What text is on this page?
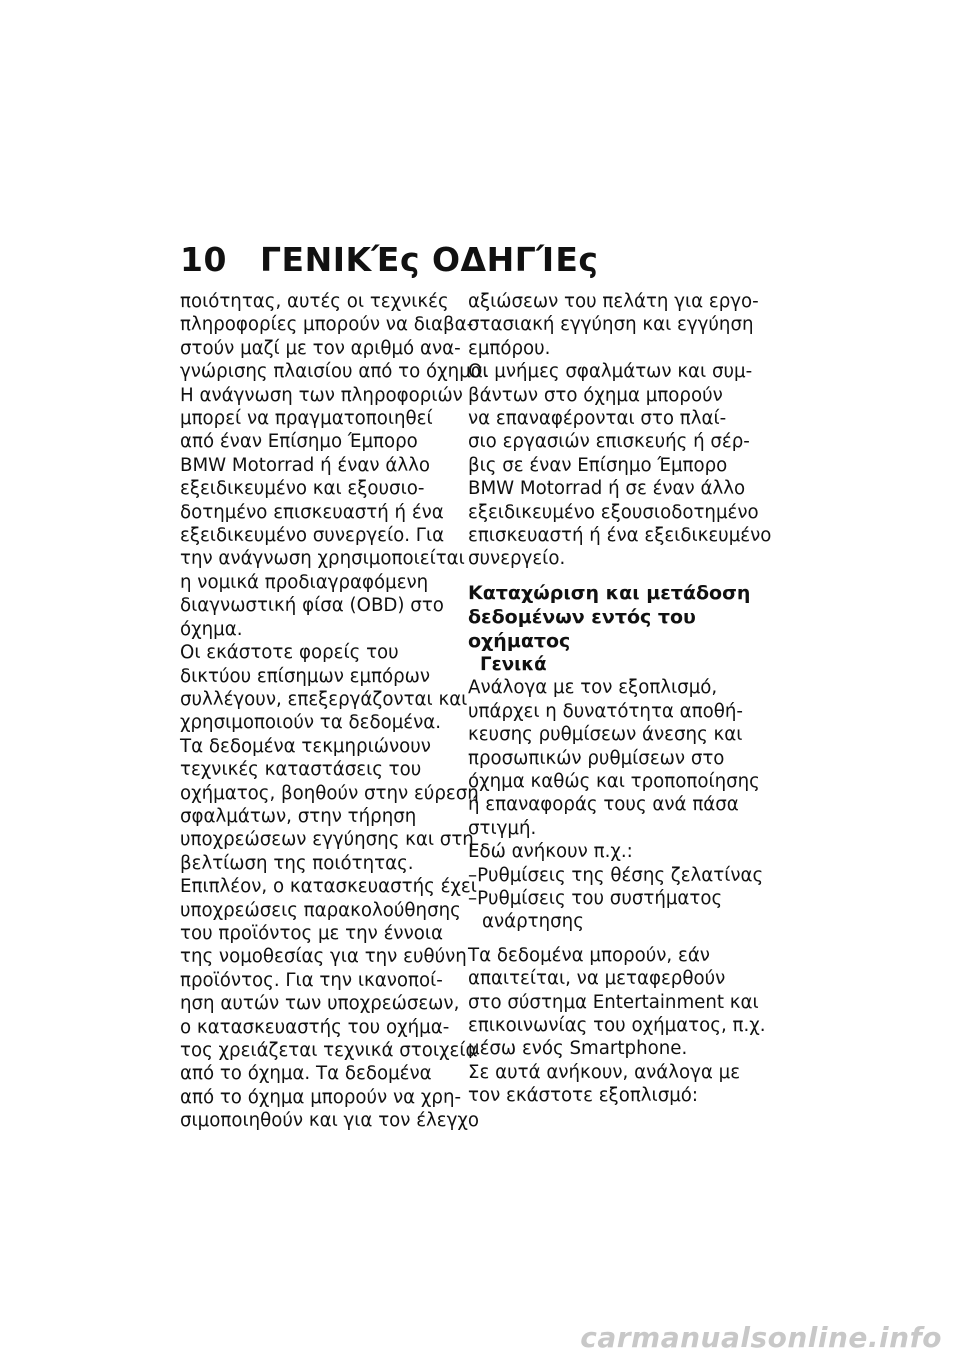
10 ΓΕΝΙΚΈς ΟΔΗΓΊΕς
ποιότητας, αυτές οι τεχνικές
πληροφορίες μπορούν να διαβα-
στούν μαζί με τον αριθμό ανα-
γνώρισης πλαισίου από το όχημα.
Η ανάγνωση των πληροφοριών
μπορεί να πραγματοποιηθεί
από έναν Επίσημο Έμπορο
BMW Motorrad ή έναν άλλο
εξειδικευμένο και εξουσιο-
δοτημένο επισκευαστή ή ένα
εξειδικευμένο συνεργείο. Για
την ανάγνωση χρησιμοποιείται
η νομικά προδιαγραφόμενη
διαγνωστική φίσα (OBD) στο
όχημα.
Οι εκάστοτε φορείς του
δικτύου επίσημων εμπόρων
συλλέγουν, επεξεργάζονται και
χρησιμοποιούν τα δεδομένα.
Τα δεδομένα τεκμηριώνουν
τεχνικές καταστάσεις του
οχήματος, βοηθούν στην εύρεση
σφαλμάτων, στην τήρηση
υποχρεώσεων εγγύησης και στη
βελτίωση της ποιότητας.
Επιπλέον, ο κατασκευαστής έχει
υποχρεώσεις παρακολούθησης
του προϊόντος με την έννοια
της νομοθεσίας για την ευθύνη
προϊόντος. Για την ικανοποί-
ηση αυτών των υποχρεώσεων,
ο κατασκευαστής του οχήμα-
τος χρειάζεται τεχνικά στοιχεία
από το όχημα. Τα δεδομένα
από το όχημα μπορούν να χρη-
σιμοποιηθούν και για τον έλεγχο
αξιώσεων του πελάτη για εργο-
στασιακή εγγύηση και εγγύηση
εμπόρου.
Οι μνήμες σφαλμάτων και συμ-
βάντων στο όχημα μπορούν
να επαναφέρονται στο πλαί-
σιο εργασιών επισκευής ή σέρ-
βις σε έναν Επίσημο Έμπορο
BMW Motorrad ή σε έναν άλλο
εξειδικευμένο εξουσιοδοτημένο
επισκευαστή ή ένα εξειδικευμένο
συνεργείο.
Καταχώριση και μετάδοση
δεδομένων εντός του
οχήματος
Γενικά
Ανάλογα με τον εξοπλισμό,
υπάρχει η δυνατότητα αποθή-
κευσης ρυθμίσεων άνεσης και
προσωπικών ρυθμίσεων στο
όχημα καθώς και τροποποίησης
ή επαναφοράς τους ανά πάσα
στιγμή.
Εδώ ανήκουν π.χ.:
–Ρυθμίσεις της θέσης ζελατίνας
–Ρυθμίσεις του συστήματος
ανάρτησης
Τα δεδομένα μπορούν, εάν
απαιτείται, να μεταφερθούν
στο σύστημα Entertainment και
επικοινωνίας του οχήματος, π.χ.
μέσω ενός Smartphone.
Σε αυτά ανήκουν, ανάλογα με
τον εκάστοτε εξοπλισμό:
carmanualsonline.info
